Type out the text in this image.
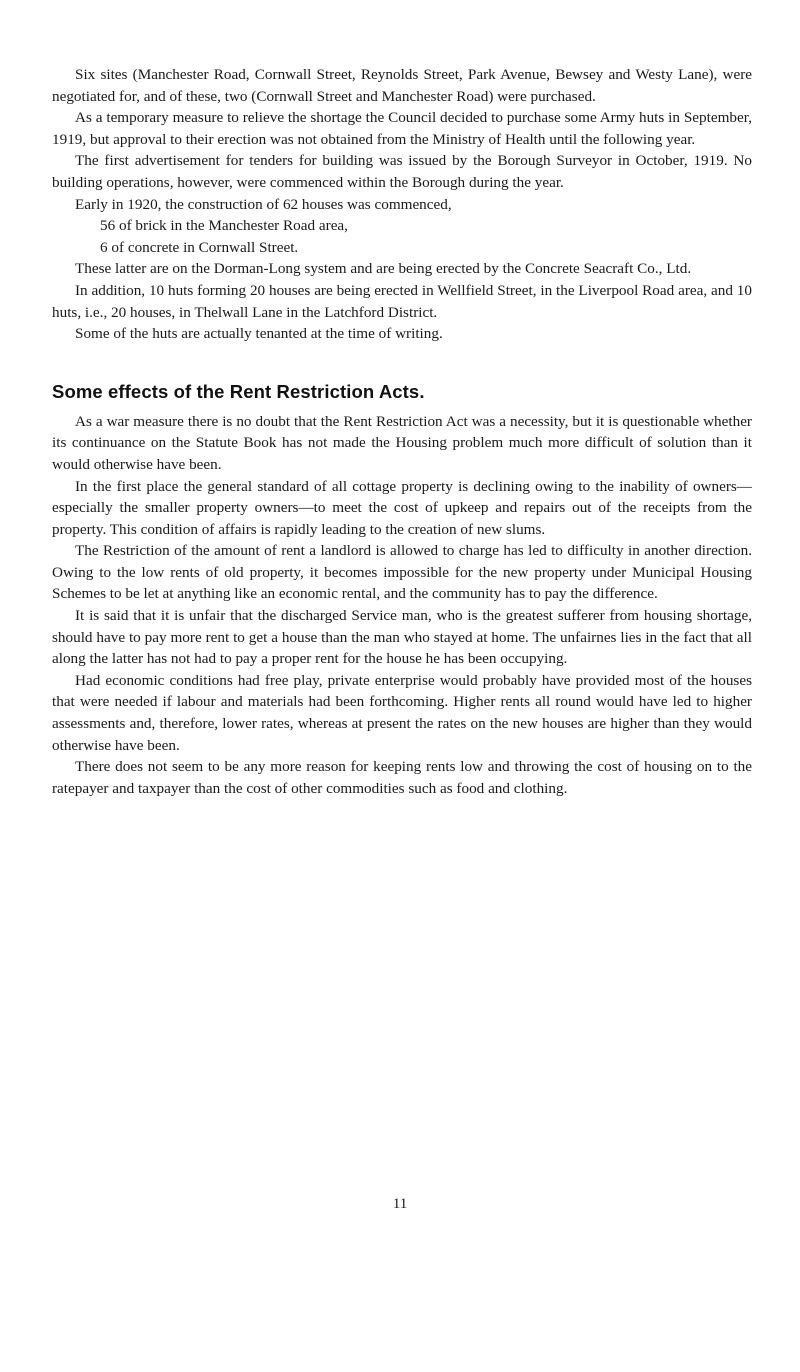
Six sites (Manchester Road, Cornwall Street, Reynolds Street, Park Avenue, Bewsey and Westy Lane), were negotiated for, and of these, two (Cornwall Street and Manchester Road) were purchased.

As a temporary measure to relieve the shortage the Council decided to purchase some Army huts in September, 1919, but approval to their erection was not obtained from the Ministry of Health until the following year.

The first advertisement for tenders for building was issued by the Borough Surveyor in October, 1919. No building operations, however, were commenced within the Borough during the year.

Early in 1920, the construction of 62 houses was commenced,

56 of brick in the Manchester Road area,

6 of concrete in Cornwall Street.

These latter are on the Dorman-Long system and are being erected by the Concrete Seacraft Co., Ltd.

In addition, 10 huts forming 20 houses are being erected in Wellfield Street, in the Liverpool Road area, and 10 huts, i.e., 20 houses, in Thelwall Lane in the Latchford District.

Some of the huts are actually tenanted at the time of writing.

Some effects of the Rent Restriction Acts.

As a war measure there is no doubt that the Rent Restriction Act was a necessity, but it is questionable whether its continuance on the Statute Book has not made the Housing problem much more difficult of solution than it would otherwise have been.

In the first place the general standard of all cottage property is declining owing to the inability of owners—especially the smaller property owners—to meet the cost of upkeep and repairs out of the receipts from the property. This condition of affairs is rapidly leading to the creation of new slums.

The Restriction of the amount of rent a landlord is allowed to charge has led to difficulty in another direction. Owing to the low rents of old property, it becomes impossible for the new property under Municipal Housing Schemes to be let at anything like an economic rental, and the community has to pay the difference.

It is said that it is unfair that the discharged Service man, who is the greatest sufferer from housing shortage, should have to pay more rent to get a house than the man who stayed at home. The unfairnes lies in the fact that all along the latter has not had to pay a proper rent for the house he has been occupying.

Had economic conditions had free play, private enterprise would probably have provided most of the houses that were needed if labour and materials had been forthcoming. Higher rents all round would have led to higher assessments and, therefore, lower rates, whereas at present the rates on the new houses are higher than they would otherwise have been.

There does not seem to be any more reason for keeping rents low and throwing the cost of housing on to the ratepayer and taxpayer than the cost of other commodities such as food and clothing.

11
